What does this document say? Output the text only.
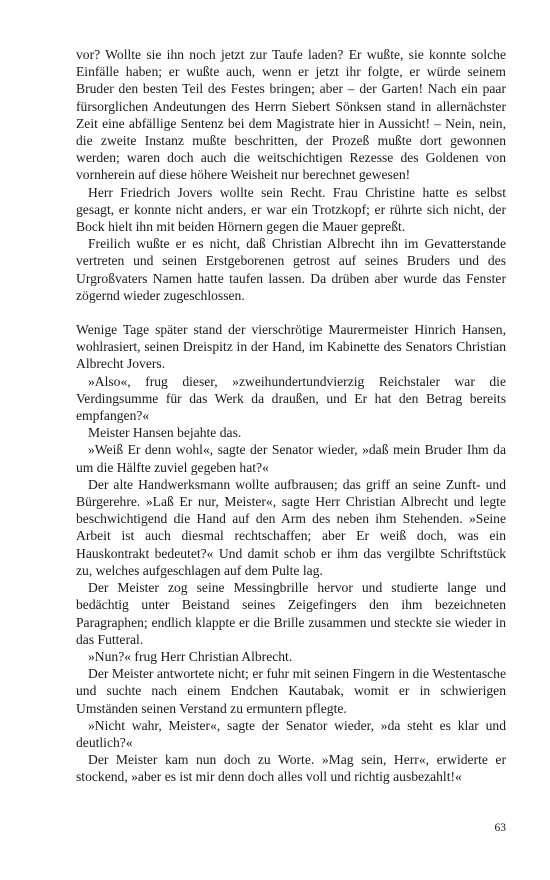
vor? Wollte sie ihn noch jetzt zur Taufe laden? Er wußte, sie konnte solche Einfälle haben; er wußte auch, wenn er jetzt ihr folgte, er würde seinem Bruder den besten Teil des Festes bringen; aber – der Garten! Nach ein paar fürsorglichen Andeutungen des Herrn Siebert Sönksen stand in allernächster Zeit eine abfällige Sentenz bei dem Magistrate hier in Aussicht! – Nein, nein, die zweite Instanz mußte beschritten, der Prozeß mußte dort gewonnen werden; waren doch auch die weitschichtigen Rezesse des Goldenen von vornherein auf diese höhere Weisheit nur berechnet gewesen!

Herr Friedrich Jovers wollte sein Recht. Frau Christine hatte es selbst gesagt, er konnte nicht anders, er war ein Trotzkopf; er rührte sich nicht, der Bock hielt ihn mit beiden Hörnern gegen die Mauer gepreßt.

Freilich wußte er es nicht, daß Christian Albrecht ihn im Gevatterstande vertreten und seinen Erstgeborenen getrost auf seines Bruders und des Urgroßvaters Namen hatte taufen lassen. Da drüben aber wurde das Fenster zögernd wieder zugeschlossen.

Wenige Tage später stand der vierschrötige Maurermeister Hinrich Hansen, wohlrasiert, seinen Dreispitz in der Hand, im Kabinette des Senators Christian Albrecht Jovers.

»Also«, frug dieser, »zweihundertundvierzig Reichstaler war die Verdingsumme für das Werk da draußen, und Er hat den Betrag bereits empfangen?«

Meister Hansen bejahte das.

»Weiß Er denn wohl«, sagte der Senator wieder, »daß mein Bruder Ihm da um die Hälfte zuviel gegeben hat?«

Der alte Handwerksmann wollte aufbrausen; das griff an seine Zunft- und Bürgerehre. »Laß Er nur, Meister«, sagte Herr Christian Albrecht und legte beschwichtigend die Hand auf den Arm des neben ihm Stehenden. »Seine Arbeit ist auch diesmal rechtschaffen; aber Er weiß doch, was ein Hauskontrakt bedeutet?« Und damit schob er ihm das vergilbte Schriftstück zu, welches aufgeschlagen auf dem Pulte lag.

Der Meister zog seine Messingbrille hervor und studierte lange und bedächtig unter Beistand seines Zeigefingers den ihm bezeichneten Paragraphen; endlich klappte er die Brille zusammen und steckte sie wieder in das Futteral.

»Nun?« frug Herr Christian Albrecht.

Der Meister antwortete nicht; er fuhr mit seinen Fingern in die Westentasche und suchte nach einem Endchen Kautabak, womit er in schwierigen Umständen seinen Verstand zu ermuntern pflegte.

»Nicht wahr, Meister«, sagte der Senator wieder, »da steht es klar und deutlich?«

Der Meister kam nun doch zu Worte. »Mag sein, Herr«, erwiderte er stockend, »aber es ist mir denn doch alles voll und richtig ausbezahlt!«

63
